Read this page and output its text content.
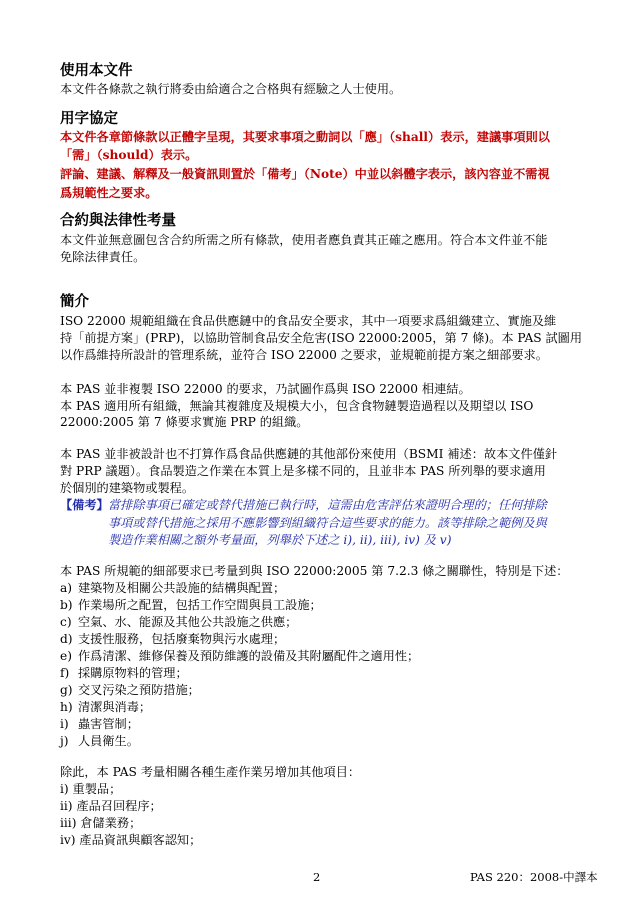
使用本文件
本文件各條款之執行將委由給適合之合格與有經驗之人士使用。
用字協定
本文件各章節條款以正體字呈現，其要求事項之動詞以「應」（shall）表示，建議事項則以
「需」（should）表示。
評論、建議、解釋及一般資訊則置於「備考」（Note）中並以斜體字表示，該內容並不需視
爲規範性之要求。
合約與法律性考量
本文件並無意圖包含合約所需之所有條款，使用者應負責其正確之應用。符合本文件並不能
免除法律責任。
簡介
ISO 22000 規範組織在食品供應鏈中的食品安全要求，其中一項要求爲組織建立、實施及維
持「前提方案」(PRP)，以協助管制食品安全危害(ISO 22000:2005，第 7 條)。本 PAS 試圖用
以作爲維持所設計的管理系統，並符合 ISO 22000 之要求，並規範前提方案之細部要求。
本 PAS 並非複製 ISO 22000 的要求，乃試圖作爲與 ISO 22000 相連結。
本 PAS 適用所有組織，無論其複雜度及規模大小，包含食物鏈製造過程以及期望以 ISO
22000:2005 第 7 條要求實施 PRP 的組織。
本 PAS 並非被設計也不打算作爲食品供應鏈的其他部份來使用（BSMI 補述：故本文件僅針
對 PRP 議題）。食品製造之作業在本質上是多樣不同的，且並非本 PAS 所列舉的要求適用
於個別的建築物或製程。
【備考】 當排除事項已確定或替代措施已執行時，這需由危害評估來證明合理的；任何排除
事項或替代措施之採用不應影響到組織符合這些要求的能力。該等排除之範例及與
製造作業相關之額外考量面，列舉於下述之 i), ii), iii), iv) 及 v)
本 PAS 所規範的細部要求已考量到與 ISO 22000:2005 第 7.2.3 條之關聯性，特別是下述：
a) 建築物及相關公共設施的結構與配置；
b) 作業場所之配置，包括工作空間與員工設施；
c) 空氣、水、能源及其他公共設施之供應；
d) 支援性服務，包括廢棄物與污水處理；
e) 作爲清潔、維修保養及預防維護的設備及其附屬配件之適用性；
f) 採購原物料的管理；
g) 交叉污染之預防措施；
h) 清潔與消毒；
i) 蟲害管制；
j) 人員衛生。
除此，本 PAS 考量相關各種生產作業另增加其他項目：
i) 重製品；
ii) 產品召回程序；
iii) 倉儲業務；
iv) 產品資訊與顧客認知；
2	PAS 220：2008-中譯本
